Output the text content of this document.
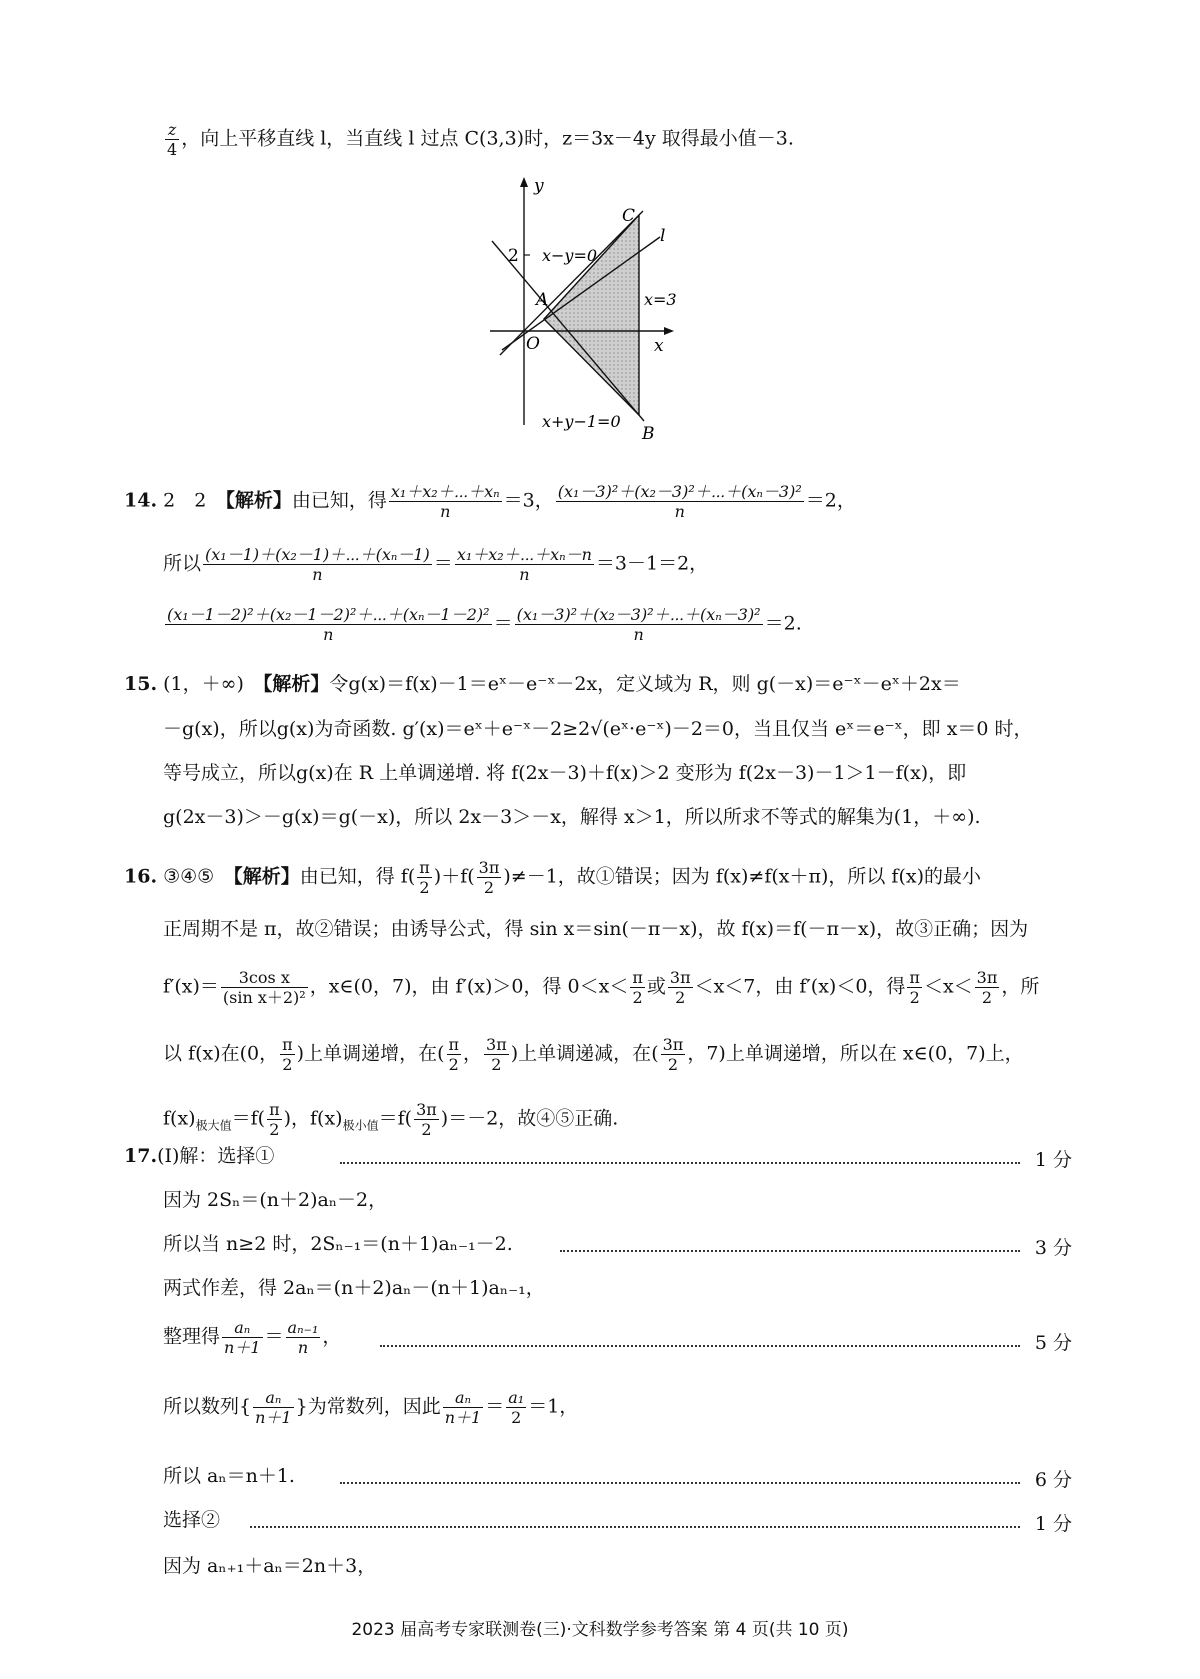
$\frac{z}{4}$ ，向上平移直线 l，当直线 l 过点 C(3,3)时，z＝3x－4y 取得最小值－3.
y
x
O
2
C
l
A
B
x−y=0
x=3
x+y−1=0
14. 2　2　 【解析】由已知，得 $\frac{\text{x₁＋x₂＋⋯＋xₙ}}{n} =3$， $\frac{\text{(x₁－3)²＋(x₂－3)²＋⋯＋(xₙ－3)²}}{n} =2$，
所以 $\frac{\text{(x₁－1)＋(x₂－1)＋⋯＋(xₙ－1)}}{n} = \frac{\text{x₁＋x₂＋⋯＋xₙ－n}}{n} =3-1=2$，
$\frac{\text{(x₁－1－2)²＋(x₂－1－2)²＋⋯＋(xₙ－1－2)²}}{n} = \frac{\text{(x₁－3)²＋(x₂－3)²＋⋯＋(xₙ－3)²}}{n} =2$.
15. (1，＋∞)　 【解析】令g(x)＝f(x)－1＝eˣ－e⁻ˣ－2x，定义域为 R，则 g(－x)＝e⁻ˣ－eˣ＋2x＝
－g(x)，所以g(x)为奇函数. g′(x)＝eˣ＋e⁻ˣ－2≥2√(eˣ·e⁻ˣ)－2＝0，当且仅当 eˣ＝e⁻ˣ，即 x＝0 时，
等号成立，所以g(x)在 R 上单调递增. 将 f(2x－3)＋f(x)＞2 变形为 f(2x－3)－1＞1－f(x)，即
g(2x－3)＞－g(x)＝g(－x)，所以 2x－3＞－x，解得 x＞1，所以所求不等式的解集为(1，＋∞).
16. ③④⑤　 【解析】由已知，得 $f( \frac{\pi}{2} )+f( \frac{3\pi}{2} )\ne-1$，故①错误；因为 f(x)≠f(x＋π)，所以 f(x)的最小
正周期不是 π，故②错误；由诱导公式，得 sin x＝sin(－π－x)，故 f(x)＝f(－π－x)，故③正确；因为
$f'(x)= \frac{\text{3cos x}}{\text{(sin x＋2)²}}$ ，x∈(0，7)，由 f′(x)＞0，得 $0<x< \frac{\pi}{2}$ 或 $\frac{3\pi}{2} <x<7$，由 f′(x)＜0，得 $\frac{\pi}{2} <x< \frac{3\pi}{2}$ ，所
以 f(x)在(0， $\frac{\pi}{2}$ )上单调递增，在( $\frac{\pi}{2}$ ， $\frac{3\pi}{2}$ )上单调递减，在( $\frac{3\pi}{2}$ ，7)上单调递增，所以在 x∈(0，7)上，
$f(x)_{极大值}=f( \frac{\pi}{2}$ )，$f(x)_{极小值}=f( \frac{3\pi}{2} )=-2$，故④⑤正确.
17.(Ⅰ)解：选择①	1 分
因为 2Sₙ＝(n＋2)aₙ－2，
所以当 n≥2 时，2Sₙ₋₁＝(n＋1)aₙ₋₁－2.	3 分
两式作差，得 2aₙ＝(n＋2)aₙ－(n＋1)aₙ₋₁，
整理得 $\frac{\text{aₙ}}{n+1} = \frac{\text{aₙ₋₁}}{n}$ ，	5 分
所以数列{ $\frac{\text{aₙ}}{n+1}$ }为常数列，因此 $\frac{\text{aₙ}}{n+1} = \frac{\text{a₁}}{2} =1$，
所以 aₙ＝n＋1.	6 分
选择②	1 分
因为 aₙ₊₁＋aₙ＝2n＋3，
2023 届高考专家联测卷(三)·文科数学参考答案 第 4 页(共 10 页)
